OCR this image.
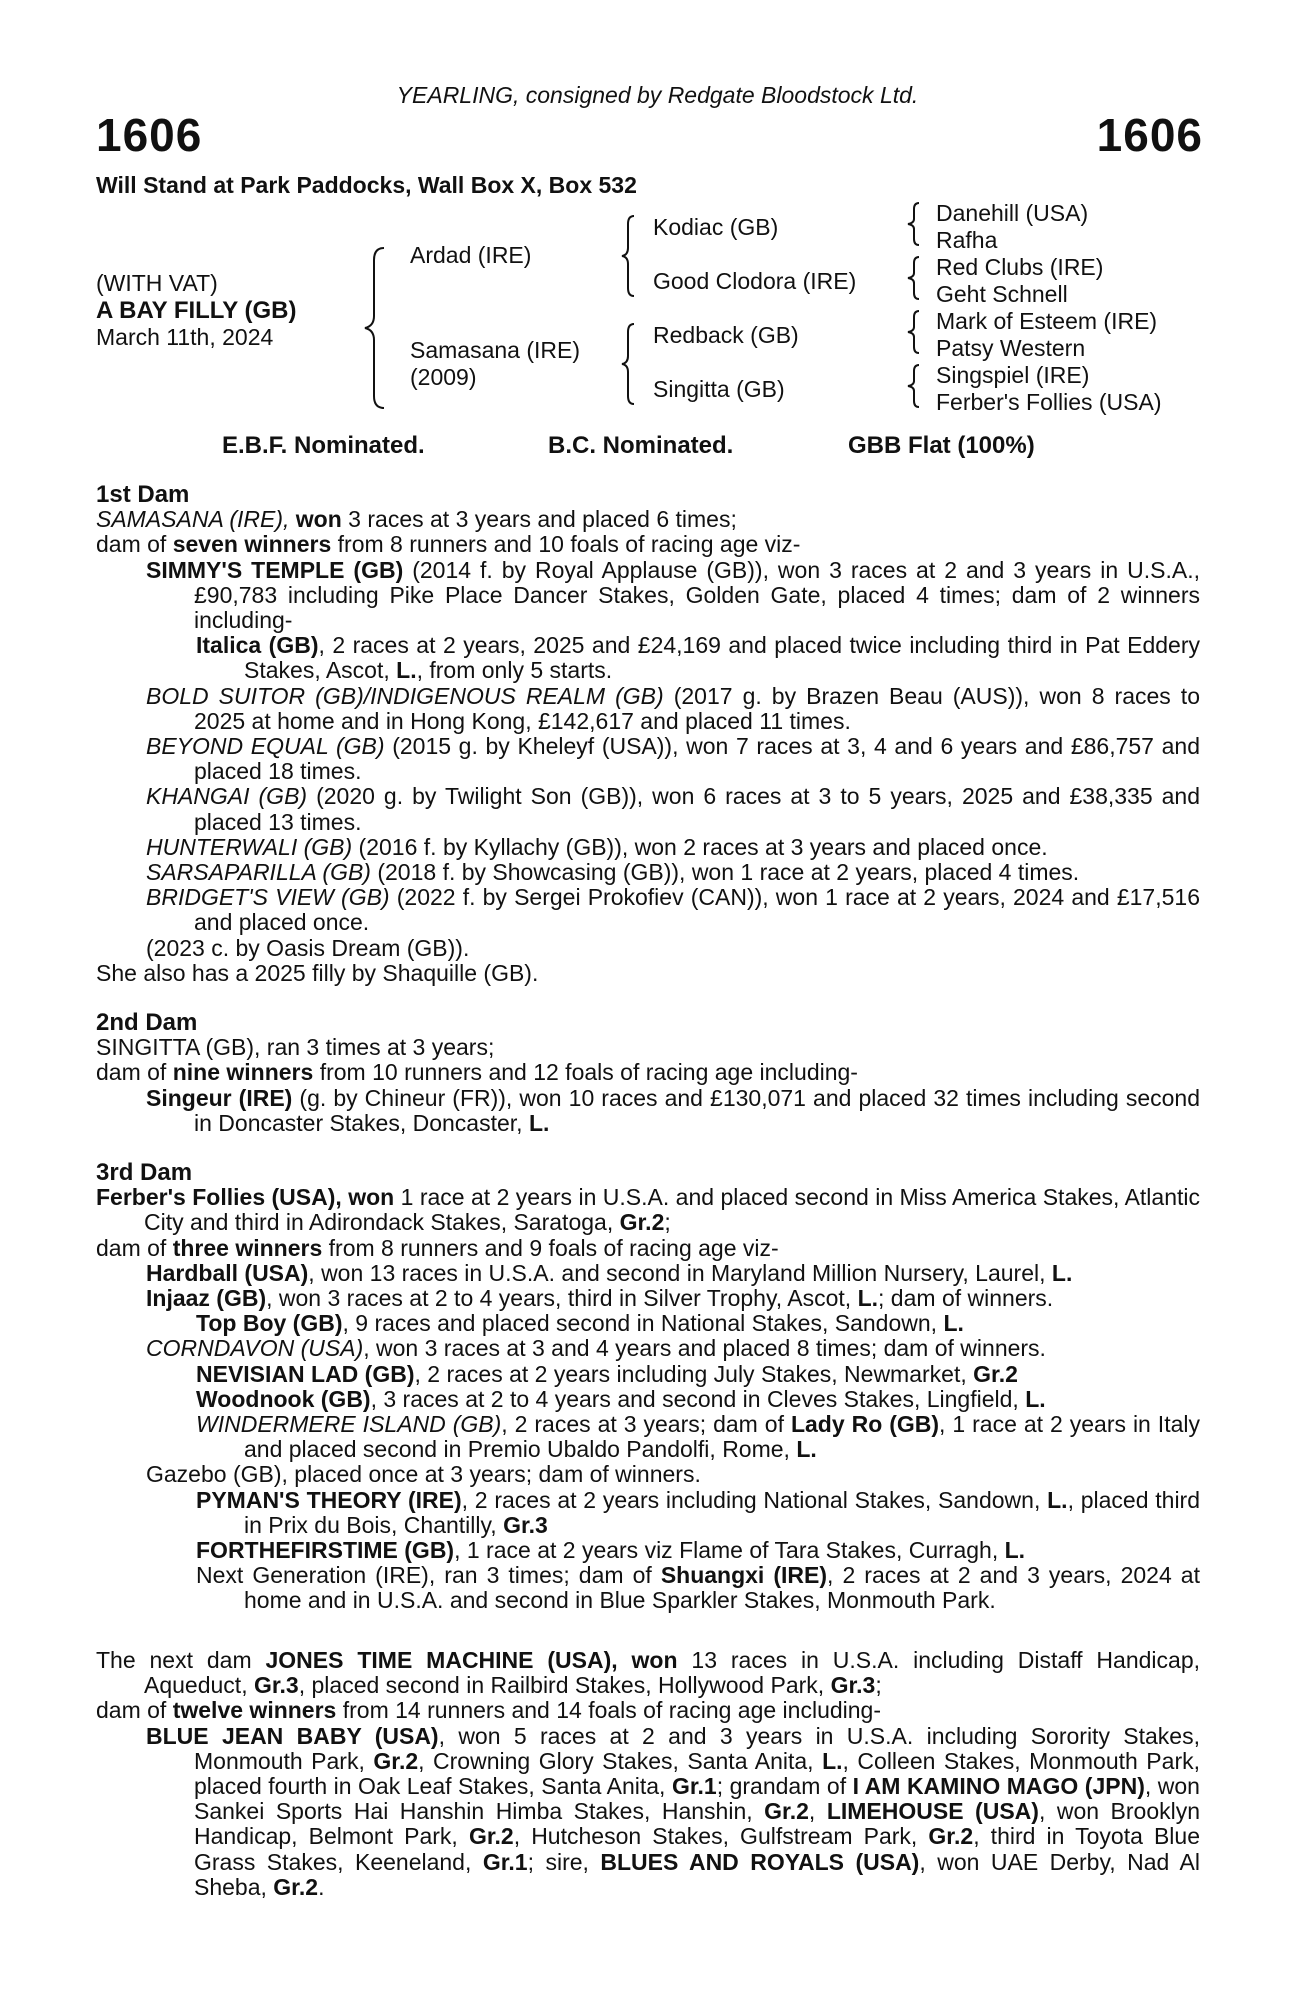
YEARLING, consigned by Redgate Bloodstock Ltd.
1606	1606
Will Stand at Park Paddocks, Wall Box X, Box 532
(WITH VAT)
A BAY FILLY (GB)
March 11th, 2024
Ardad (IRE)
Samasana (IRE)
(2009)
Kodiac (GB)
Good Clodora (IRE)
Redback (GB)
Singitta (GB)
Danehill (USA)
Rafha
Red Clubs (IRE)
Geht Schnell
Mark of Esteem (IRE)
Patsy Western
Singspiel (IRE)
Ferber's Follies (USA)
E.B.F. Nominated.	B.C. Nominated.	GBB Flat (100%)
1st Dam
SAMASANA (IRE), won 3 races at 3 years and placed 6 times;
dam of seven winners from 8 runners and 10 foals of racing age viz-
SIMMY'S TEMPLE (GB) (2014 f. by Royal Applause (GB)), won 3 races at 2 and 3 years in U.S.A., £90,783 including Pike Place Dancer Stakes, Golden Gate, placed 4 times; dam of 2 winners including-
Italica (GB), 2 races at 2 years, 2025 and £24,169 and placed twice including third in Pat Eddery Stakes, Ascot, L., from only 5 starts.
BOLD SUITOR (GB)/INDIGENOUS REALM (GB) (2017 g. by Brazen Beau (AUS)), won 8 races to 2025 at home and in Hong Kong, £142,617 and placed 11 times.
BEYOND EQUAL (GB) (2015 g. by Kheleyf (USA)), won 7 races at 3, 4 and 6 years and £86,757 and placed 18 times.
KHANGAI (GB) (2020 g. by Twilight Son (GB)), won 6 races at 3 to 5 years, 2025 and £38,335 and placed 13 times.
HUNTERWALI (GB) (2016 f. by Kyllachy (GB)), won 2 races at 3 years and placed once.
SARSAPARILLA (GB) (2018 f. by Showcasing (GB)), won 1 race at 2 years, placed 4 times.
BRIDGET'S VIEW (GB) (2022 f. by Sergei Prokofiev (CAN)), won 1 race at 2 years, 2024 and £17,516 and placed once.
(2023 c. by Oasis Dream (GB)).
She also has a 2025 filly by Shaquille (GB).
2nd Dam
SINGITTA (GB), ran 3 times at 3 years;
dam of nine winners from 10 runners and 12 foals of racing age including-
Singeur (IRE) (g. by Chineur (FR)), won 10 races and £130,071 and placed 32 times including second in Doncaster Stakes, Doncaster, L.
3rd Dam
Ferber's Follies (USA), won 1 race at 2 years in U.S.A. and placed second in Miss America Stakes, Atlantic City and third in Adirondack Stakes, Saratoga, Gr.2;
dam of three winners from 8 runners and 9 foals of racing age viz-
Hardball (USA), won 13 races in U.S.A. and second in Maryland Million Nursery, Laurel, L.
Injaaz (GB), won 3 races at 2 to 4 years, third in Silver Trophy, Ascot, L.; dam of winners.
Top Boy (GB), 9 races and placed second in National Stakes, Sandown, L.
CORNDAVON (USA), won 3 races at 3 and 4 years and placed 8 times; dam of winners.
NEVISIAN LAD (GB), 2 races at 2 years including July Stakes, Newmarket, Gr.2
Woodnook (GB), 3 races at 2 to 4 years and second in Cleves Stakes, Lingfield, L.
WINDERMERE ISLAND (GB), 2 races at 3 years; dam of Lady Ro (GB), 1 race at 2 years in Italy and placed second in Premio Ubaldo Pandolfi, Rome, L.
Gazebo (GB), placed once at 3 years; dam of winners.
PYMAN'S THEORY (IRE), 2 races at 2 years including National Stakes, Sandown, L., placed third in Prix du Bois, Chantilly, Gr.3
FORTHEFIRSTIME (GB), 1 race at 2 years viz Flame of Tara Stakes, Curragh, L.
Next Generation (IRE), ran 3 times; dam of Shuangxi (IRE), 2 races at 2 and 3 years, 2024 at home and in U.S.A. and second in Blue Sparkler Stakes, Monmouth Park.
The next dam JONES TIME MACHINE (USA), won 13 races in U.S.A. including Distaff Handicap, Aqueduct, Gr.3, placed second in Railbird Stakes, Hollywood Park, Gr.3;
dam of twelve winners from 14 runners and 14 foals of racing age including-
BLUE JEAN BABY (USA), won 5 races at 2 and 3 years in U.S.A. including Sorority Stakes, Monmouth Park, Gr.2, Crowning Glory Stakes, Santa Anita, L., Colleen Stakes, Monmouth Park, placed fourth in Oak Leaf Stakes, Santa Anita, Gr.1; grandam of I AM KAMINO MAGO (JPN), won Sankei Sports Hai Hanshin Himba Stakes, Hanshin, Gr.2, LIMEHOUSE (USA), won Brooklyn Handicap, Belmont Park, Gr.2, Hutcheson Stakes, Gulfstream Park, Gr.2, third in Toyota Blue Grass Stakes, Keeneland, Gr.1; sire, BLUES AND ROYALS (USA), won UAE Derby, Nad Al Sheba, Gr.2.
